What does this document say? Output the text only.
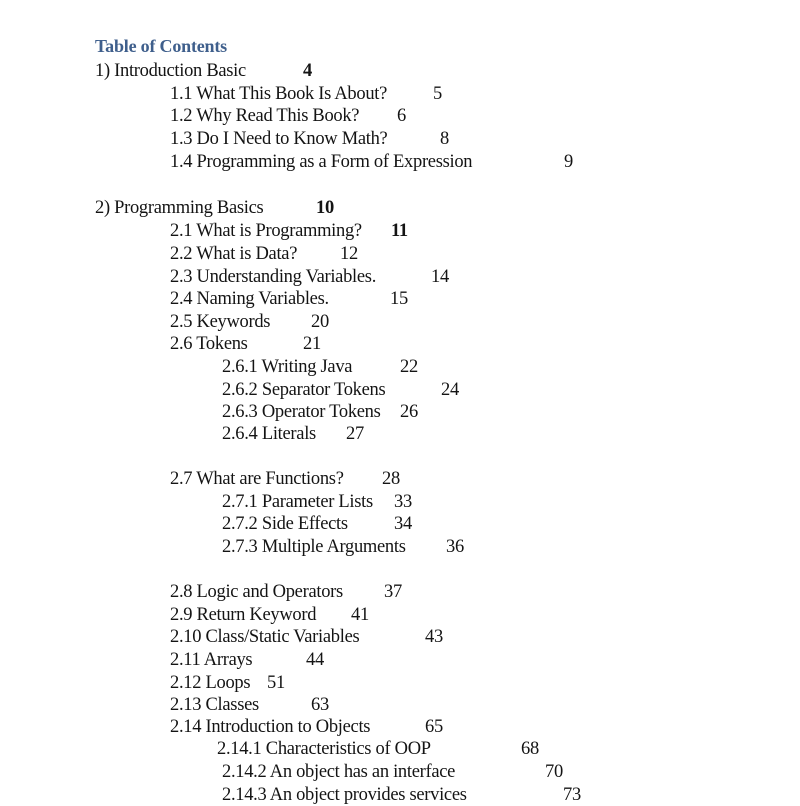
Table of Contents
1) Introduction Basic	4
1.1 What This Book Is About? 5
1.2 Why Read This Book? 6
1.3 Do I Need to Know Math?	8
1.4 Programming as a Form of Expression	9
2) Programming Basics	10
2.1 What is Programming? 11
2.2 What is Data? 12
2.3 Understanding Variables.	14
2.4 Naming Variables.	15
2.5 Keywords 20
2.6 Tokens	21
2.6.1 Writing Java	22
2.6.2 Separator Tokens	24
2.6.3 Operator Tokens 26
2.6.4 Literals 27
2.7 What are Functions? 28
2.7.1 Parameter Lists 33
2.7.2 Side Effects 34
2.7.3 Multiple Arguments 36
2.8 Logic and Operators 37
2.9 Return Keyword 41
2.10 Class/Static Variables	43
2.11 Arrays	44
2.12 Loops 51
2.13 Classes	63
2.14 Introduction to Objects	65
2.14.1 Characteristics of OOP	68
2.14.2 An object has an interface	70
2.14.3 An object provides services	73
